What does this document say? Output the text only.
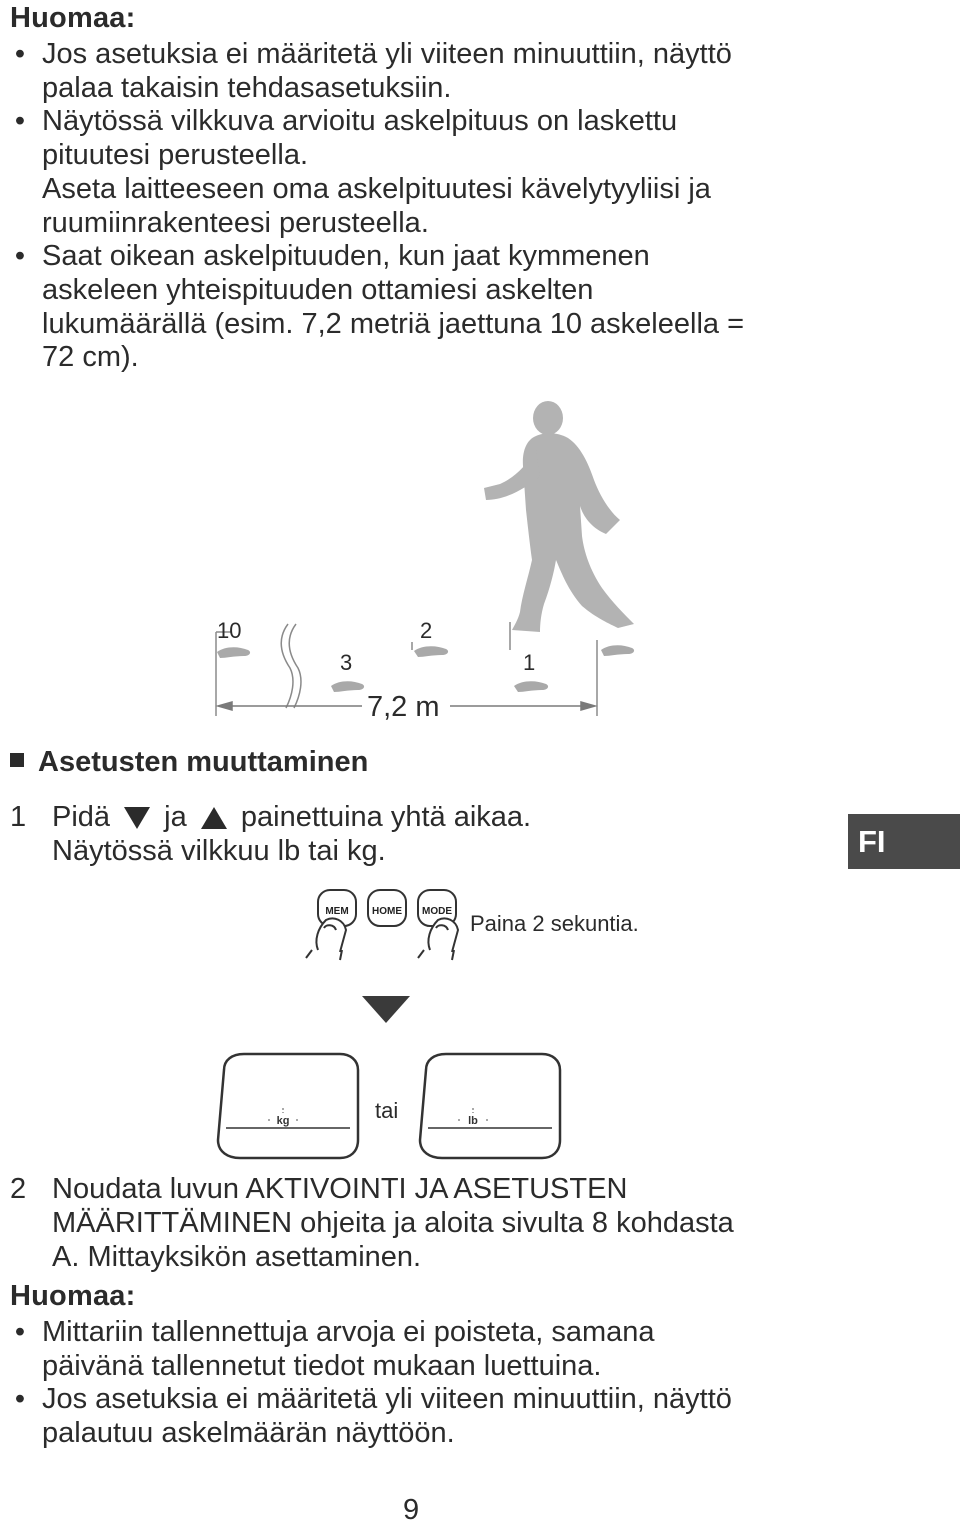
Huomaa:
• Jos asetuksia ei määritetä yli viiteen minuuttiin, näyttö
palaa takaisin tehdasasetuksiin.
• Näytössä vilkkuva arvioitu askelpituus on laskettu
pituutesi perusteella.
Aseta laitteeseen oma askelpituutesi kävelytyyliisi ja
ruumiinrakenteesi perusteella.
• Saat oikean askelpituuden, kun jaat kymmenen
askeleen yhteispituuden ottamiesi askelten
lukumäärällä (esim. 7,2 metriä jaettuna 10 askeleella =
72 cm).
10	2
3	1
7,2 m
Asetusten muuttaminen
1 Pidä ja painettuina yhtä aikaa.
Näytössä vilkkuu lb tai kg.	FI
MEM HOME MODE Paina 2 sekuntia.
kg	lb
tai
2 Noudata luvun AKTIVOINTI JA ASETUSTEN
MÄÄRITTÄMINEN ohjeita ja aloita sivulta 8 kohdasta
A. Mittayksikön asettaminen.
Huomaa:
• Mittariin tallennettuja arvoja ei poisteta, samana
päivänä tallennetut tiedot mukaan luettuina.
• Jos asetuksia ei määritetä yli viiteen minuuttiin, näyttö
palautuu askelmäärän näyttöön.
9
